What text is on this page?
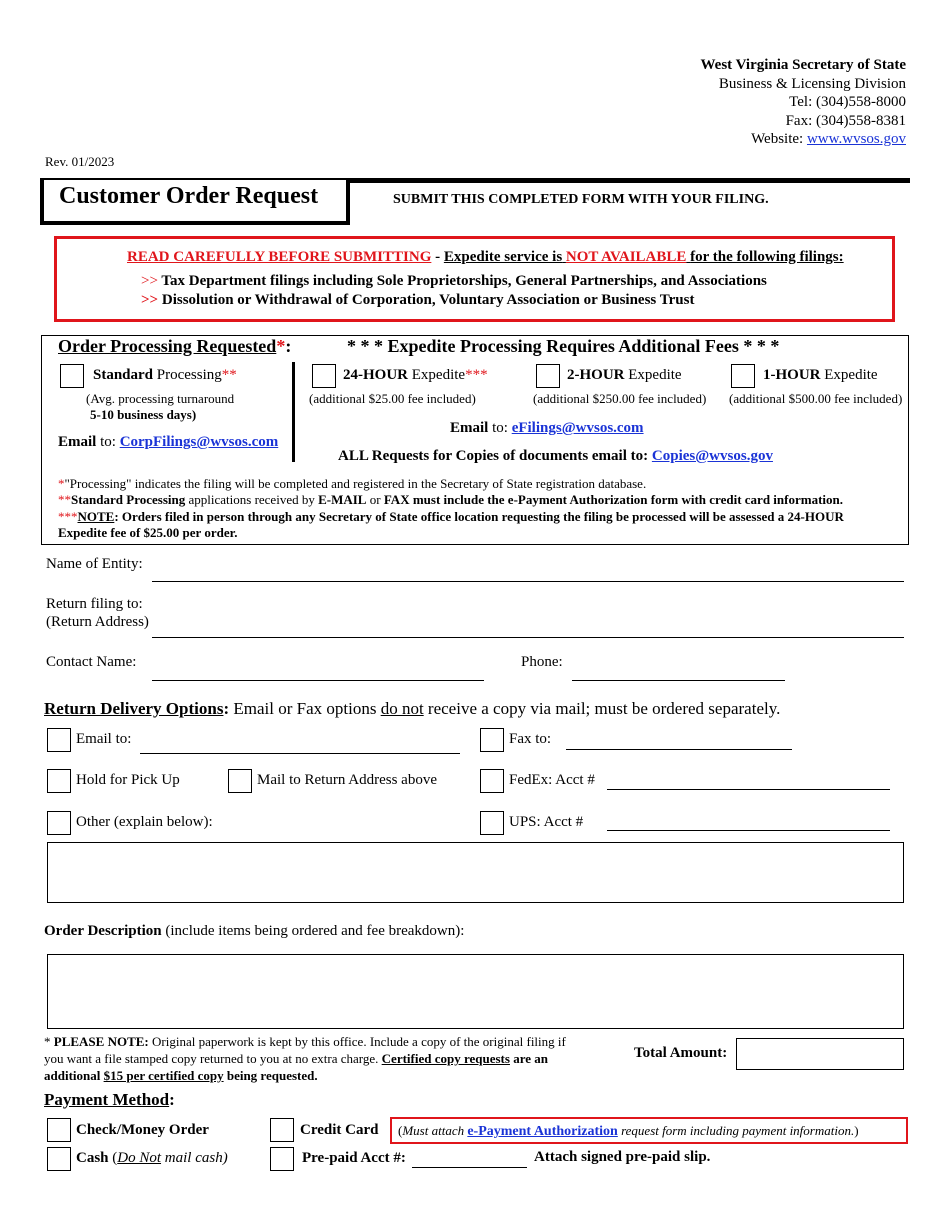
West Virginia Secretary of State
Business & Licensing Division
Tel: (304)558-8000
Fax: (304)558-8381
Website: www.wvsos.gov
Rev. 01/2023
Customer Order Request	SUBMIT THIS COMPLETED FORM WITH YOUR FILING.
READ CAREFULLY BEFORE SUBMITTING - Expedite service is NOT AVAILABLE for the following filings:
>> Tax Department filings including Sole Proprietorships, General Partnerships, and Associations
>> Dissolution or Withdrawal of Corporation, Voluntary Association or Business Trust
Order Processing Requested*:	* * * Expedite Processing Requires Additional Fees * * *
Standard Processing**
(Avg. processing turnaround
5-10 business days)
Email to: CorpFilings@wvsos.com
24-HOUR Expedite***
(additional $25.00 fee included)
2-HOUR Expedite
(additional $250.00 fee included)
1-HOUR Expedite
(additional $500.00 fee included)
Email to: eFilings@wvsos.com
ALL Requests for Copies of documents email to: Copies@wvsos.gov
*"Processing" indicates the filing will be completed and registered in the Secretary of State registration database.
**Standard Processing applications received by E-MAIL or FAX must include the e-Payment Authorization form with credit card information.
***NOTE: Orders filed in person through any Secretary of State office location requesting the filing be processed will be assessed a 24-HOUR
Expedite fee of $25.00 per order.
Name of Entity:
Return filing to:
(Return Address)
Contact Name:	Phone:
Return Delivery Options: Email or Fax options do not receive a copy via mail; must be ordered separately.
Email to:	Fax to:
Hold for Pick Up	Mail to Return Address above	FedEx: Acct #
Other (explain below):	UPS: Acct #
Order Description (include items being ordered and fee breakdown):
* PLEASE NOTE: Original paperwork is kept by this office. Include a copy of the original filing if
you want a file stamped copy returned to you at no extra charge. Certified copy requests are an
additional $15 per certified copy being requested.
Total Amount:
Payment Method:
Check/Money Order	Credit Card (Must attach e-Payment Authorization request form including payment information.)
Cash (Do Not mail cash)	Pre-paid Acct #:	Attach signed pre-paid slip.
